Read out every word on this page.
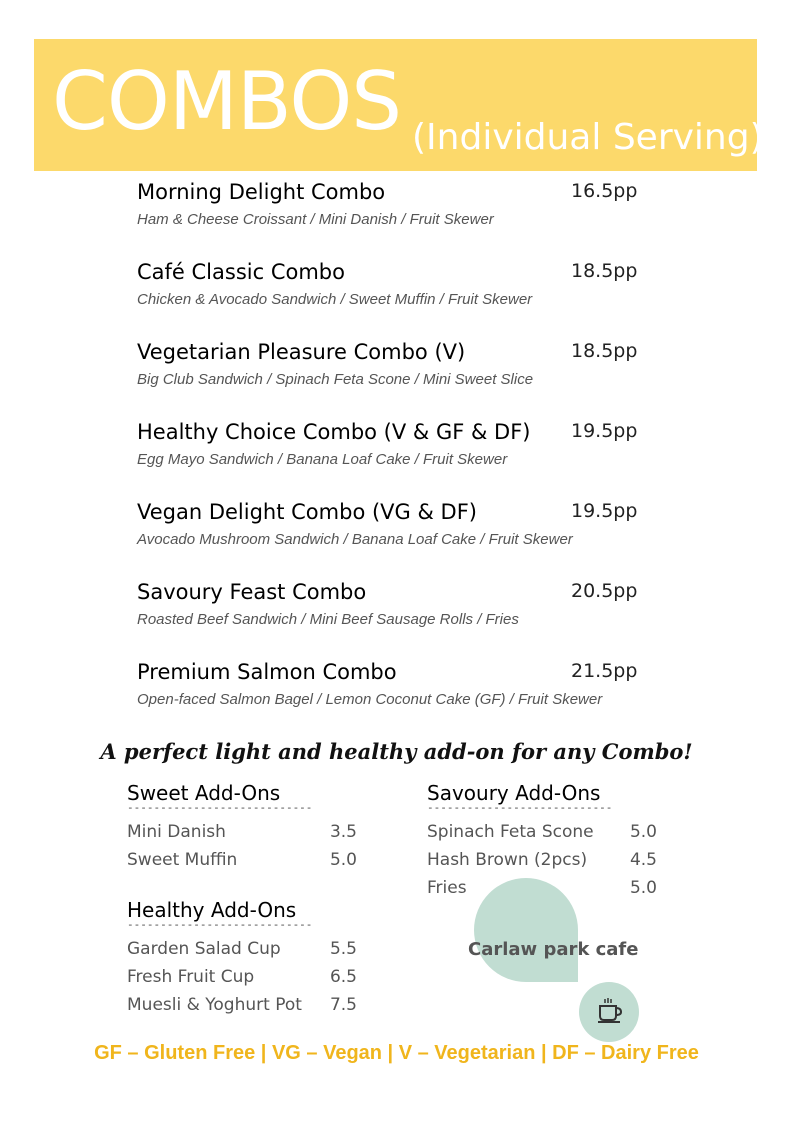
COMBOS (Individual Serving)
Morning Delight Combo	16.5pp
Ham & Cheese Croissant / Mini Danish / Fruit Skewer
Café Classic Combo	18.5pp
Chicken & Avocado Sandwich / Sweet Muffin / Fruit Skewer
Vegetarian Pleasure Combo (V)	18.5pp
Big Club Sandwich / Spinach Feta Scone / Mini Sweet Slice
Healthy Choice Combo (V & GF & DF) 19.5pp
Egg Mayo Sandwich / Banana Loaf Cake / Fruit Skewer
Vegan Delight Combo (VG & DF)	19.5pp
Avocado Mushroom Sandwich / Banana Loaf Cake / Fruit Skewer
Savoury Feast Combo	20.5pp
Roasted Beef Sandwich / Mini Beef Sausage Rolls / Fries
Premium Salmon Combo	21.5pp
Open-faced Salmon Bagel / Lemon Coconut Cake (GF) / Fruit Skewer
A perfect light and healthy add-on for any Combo!
Sweet Add-Ons
----------------------------
Mini Danish	3.5
Sweet Muffin	5.0
Healthy Add-Ons
----------------------------
Garden Salad Cup	5.5
Fresh Fruit Cup	6.5
Muesli & Yoghurt Pot 7.5
Savoury Add-Ons
----------------------------
Spinach Feta Scone 5.0
Hash Brown (2pcs)	4.5
Fries	5.0
Carlaw park cafe
GF – Gluten Free | VG – Vegan | V – Vegetarian | DF – Dairy Free
